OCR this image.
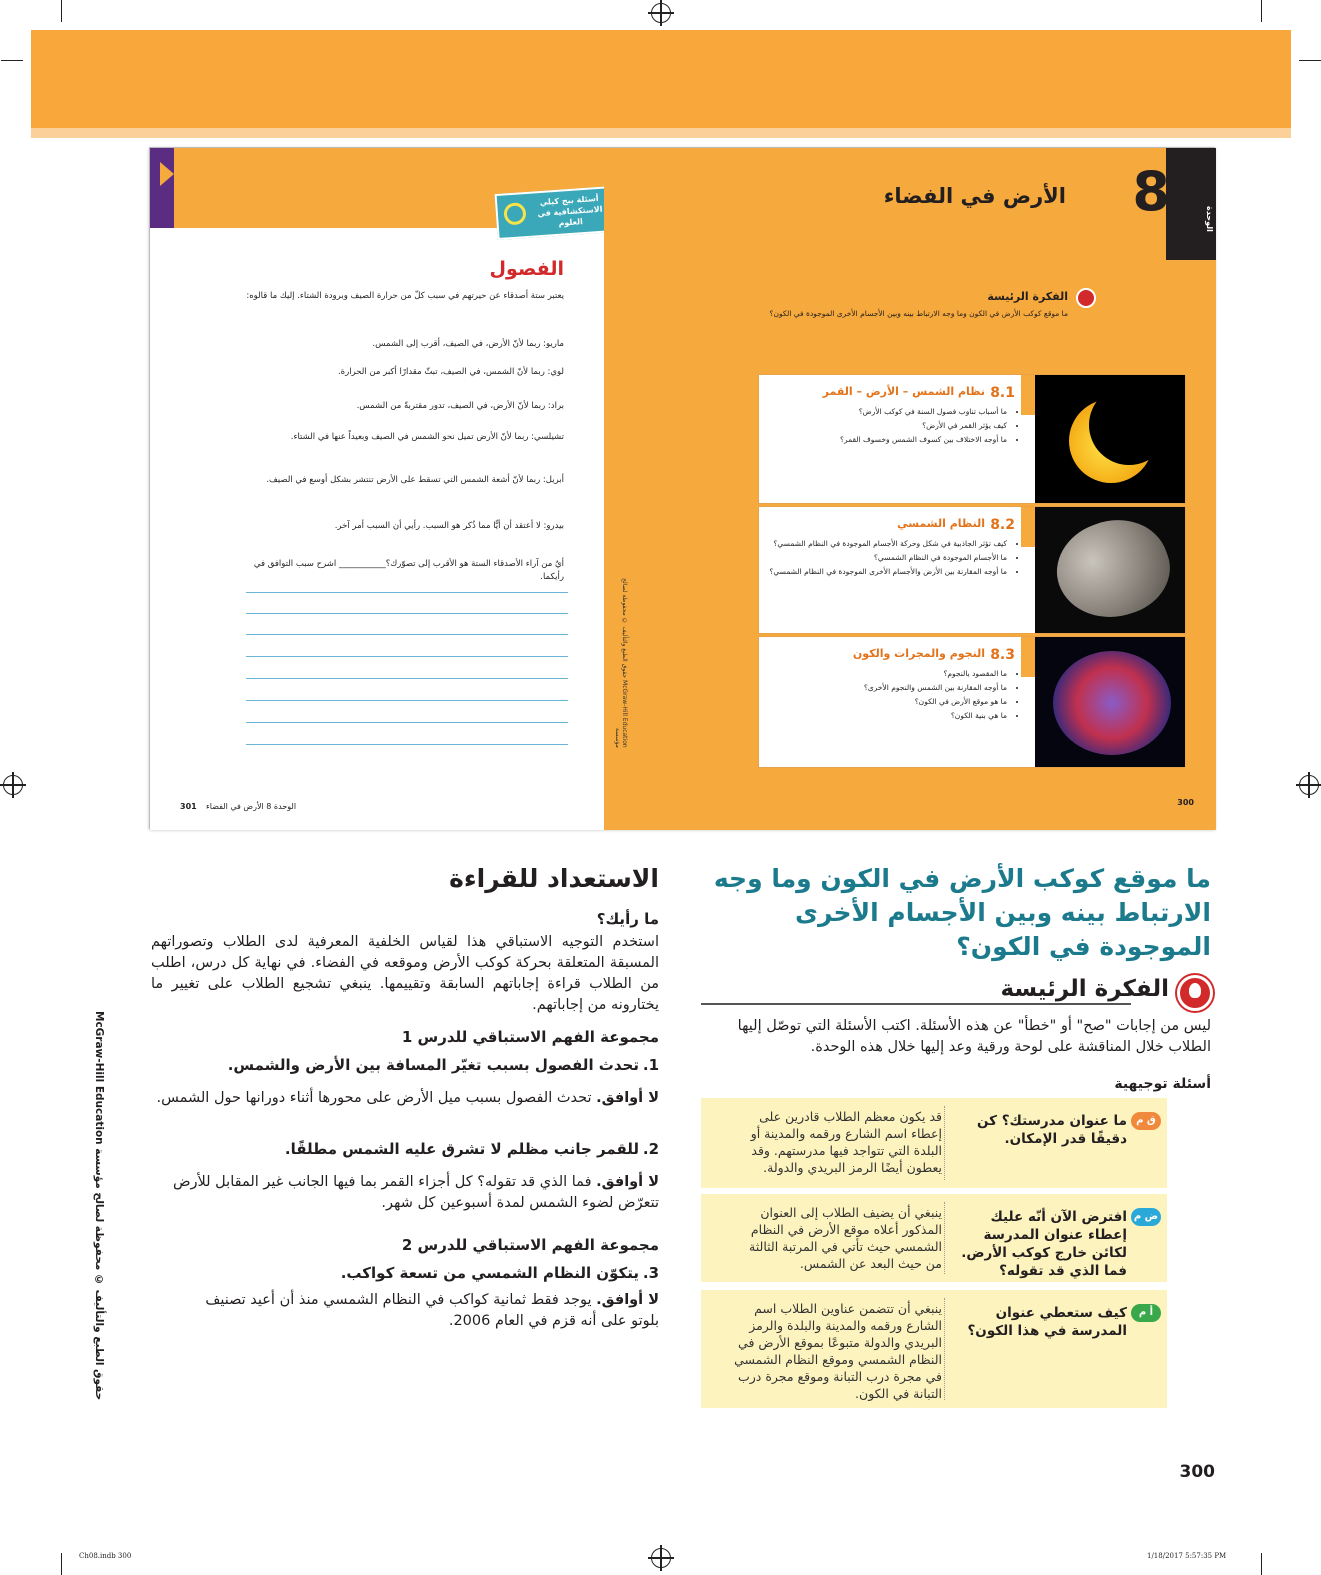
أسئلة بيج كيلي الاستكشافية في العلوم
الفصول
يعتبر ستة أصدقاء عن حيرتهم في سبب كلّ من حرارة الصيف وبرودة الشتاء. إليك ما قالوه:
ماريو: ربما لأنّ الأرض، في الصيف، أقرب إلى الشمس.
لوي: ربما لأنّ الشمس، في الصيف، تبثّ مقدارًا أكبر من الحرارة.
براد: ربما لأنّ الأرض، في الصيف، تدور مقتربةً من الشمس.
تشيلسي: ربما لأنّ الأرض تميل نحو الشمس في الصيف وبعيداً عنها في الشتاء.
أبريل: ربما لأنّ أشعة الشمس التي تسقط على الأرض تنتشر بشكل أوسع في الصيف.
بيدرو: لا أعتقد أن أيًّا مما ذُكر هو السبب. رأيي أن السبب أمر آخر.
أيٌ من آراء الأصدقاء الستة هو الأقرب إلى تصوّرك؟___________ اشرح سبب التوافق في رأيكما.
301 الوحدة 8 الأرض في الفضاء
McGraw-Hill Education حقوق الطبع والتأليف © محفوظة لصالح مؤسسة
الوحدة
8
الأرض في الفضاء
الفكرة الرئيسة
ما موقع كوكب الأرض في الكون وما وجه الارتباط بينه وبين الأجسام الأخرى الموجودة في الكون؟
8.1
نظام الشمس – الأرض – القمر
• ما أسباب تناوب فصول السنة في كوكب الأرض؟
• كيف يؤثر القمر في الأرض؟
• ما أوجه الاختلاف بين كسوف الشمس وخسوف القمر؟
8.2
النظام الشمسي
• كيف تؤثر الجاذبية في شكل وحركة الأجسام الموجودة في النظام الشمسي؟
• ما الأجسام الموجودة في النظام الشمسي؟
• ما أوجه المقارنة بين الأرض والأجسام الأخرى الموجودة في النظام الشمسي؟
8.3
النجوم والمجرات والكون
• ما المقصود بالنجوم؟
• ما أوجه المقارنة بين الشمس والنجوم الأخرى؟
• ما هو موقع الأرض في الكون؟
• ما هي بنية الكون؟
300
ما موقع كوكب الأرض في الكون وما وجه الارتباط بينه وبين الأجسام الأخرى الموجودة في الكون؟
الفكرة الرئيسة
ليس من إجابات "صح" أو "خطأ" عن هذه الأسئلة. اكتب الأسئلة التي توصّل إليها الطلاب خلال المناقشة على لوحة ورقية وعد إليها خلال هذه الوحدة.
أسئلة توجيهية
ق م
ما عنوان مدرستك؟ كن دقيقًا قدر الإمكان.
قد يكون معظم الطلاب قادرين على إعطاء اسم الشارع ورقمه والمدينة أو البلدة التي تتواجد فيها مدرستهم. وقد يعطون أيضًا الرمز البريدي والدولة.
ض م
افترض الآن أنّه عليك إعطاء عنوان المدرسة لكائن خارج كوكب الأرض. فما الذي قد تقوله؟
ينبغي أن يضيف الطلاب إلى العنوان المذكور أعلاه موقع الأرض في النظام الشمسي حيث تأتي في المرتبة الثالثة من حيث البعد عن الشمس.
أ م
كيف ستعطي عنوان المدرسة في هذا الكون؟
ينبغي أن تتضمن عناوين الطلاب اسم الشارع ورقمه والمدينة والبلدة والرمز البريدي والدولة متبوعًا بموقع الأرض في النظام الشمسي وموقع النظام الشمسي في مجرة درب التبانة وموقع مجرة درب التبانة في الكون.
الاستعداد للقراءة
ما رأيك؟
استخدم التوجيه الاستباقي هذا لقياس الخلفية المعرفية لدى الطلاب وتصوراتهم المسبقة المتعلقة بحركة كوكب الأرض وموقعه في الفضاء. في نهاية كل درس، اطلب من الطلاب قراءة إجاباتهم السابقة وتقييمها. ينبغي تشجيع الطلاب على تغيير ما يختارونه من إجاباتهم.
مجموعة الفهم الاستباقي للدرس 1
1.
تحدث الفصول بسبب تغيّر المسافة بين الأرض والشمس.
لا أوافق. تحدث الفصول بسبب ميل الأرض على محورها أثناء دورانها حول الشمس.
2.
للقمر جانب مظلم لا تشرق عليه الشمس مطلقًا.
لا أوافق. فما الذي قد تقوله؟ كل أجزاء القمر بما فيها الجانب غير المقابل للأرض تتعرّض لضوء الشمس لمدة أسبوعين كل شهر.
مجموعة الفهم الاستباقي للدرس 2
3.
يتكوّن النظام الشمسي من تسعة كواكب.
لا أوافق. يوجد فقط ثمانية كواكب في النظام الشمسي منذ أن أعيد تصنيف بلوتو على أنه قزم في العام 2006.
حقوق الطبع والتأليف © محفوظة لصالح مؤسسة McGraw-Hill Education
300
Ch08.indb 300	1/18/2017 5:57:35 PM
